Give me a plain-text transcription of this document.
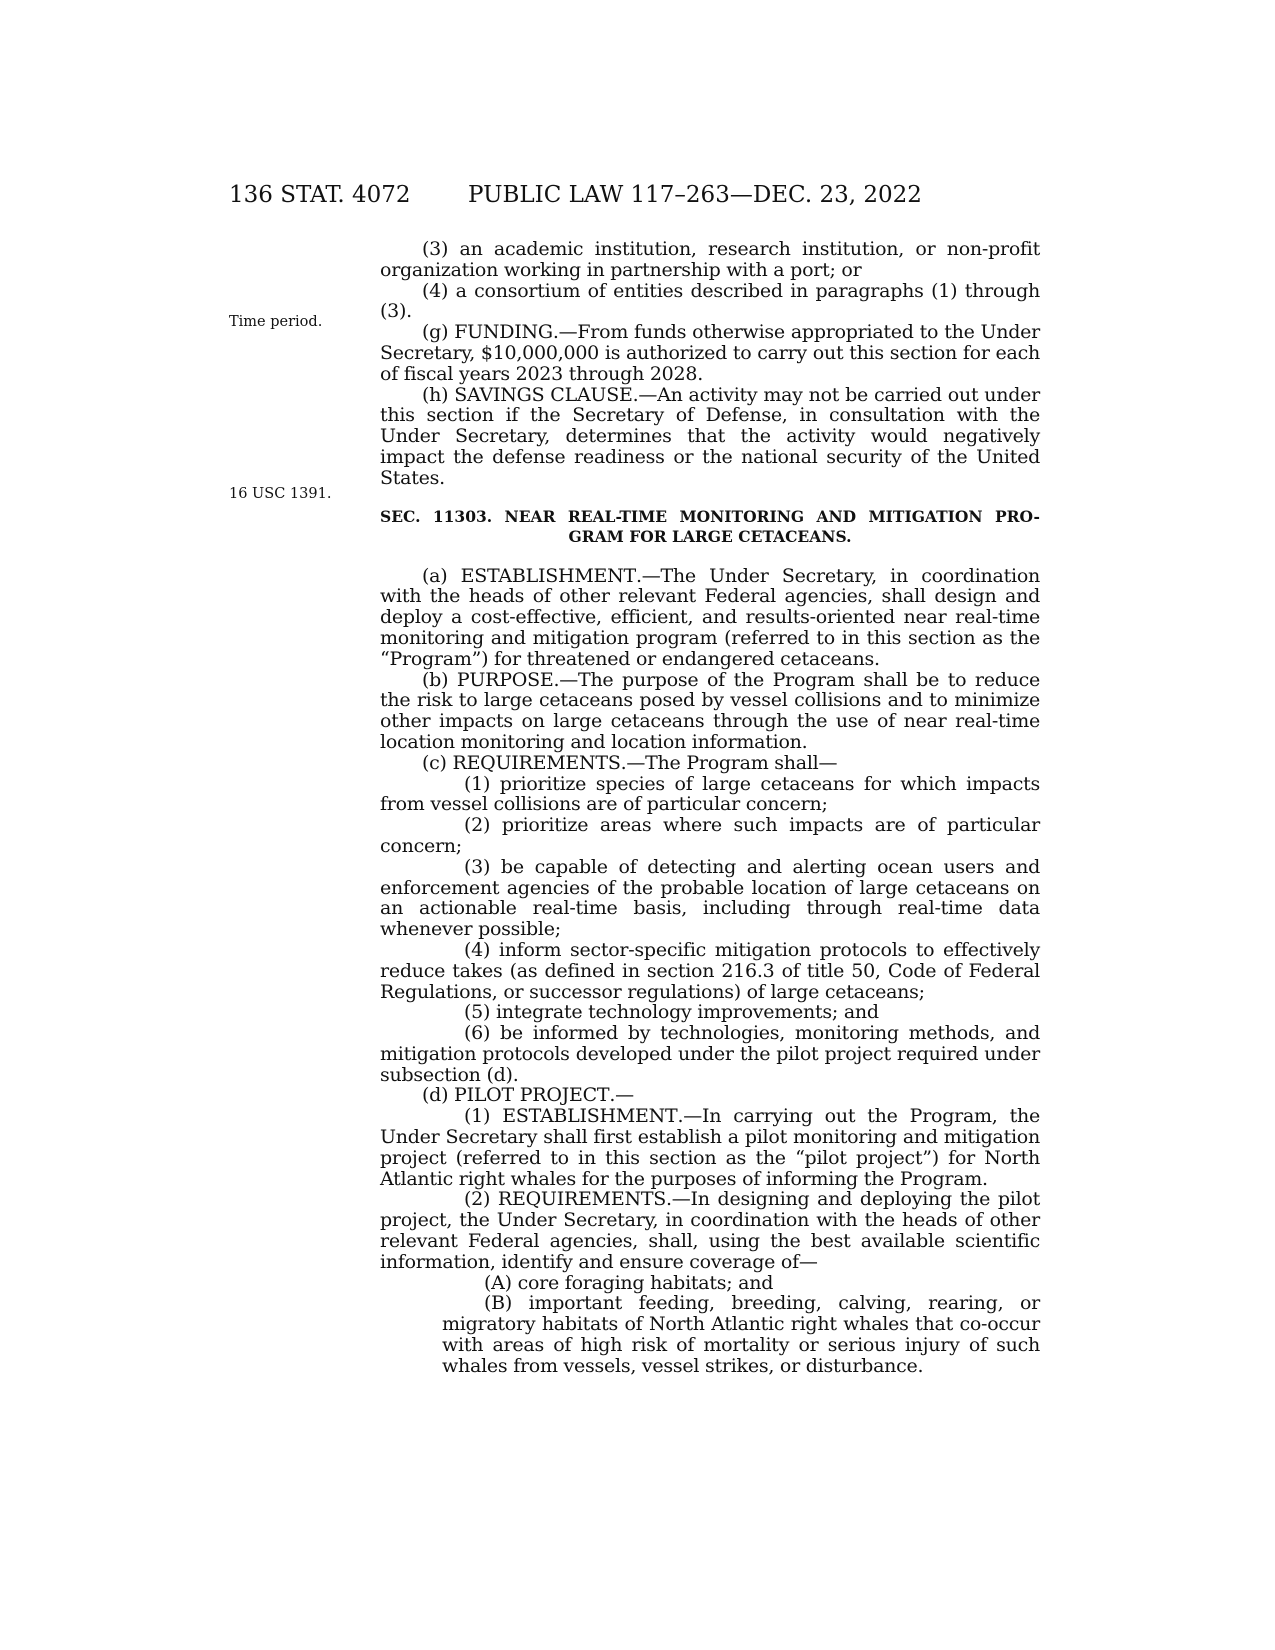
136 STAT. 4072 PUBLIC LAW 117–263—DEC. 23, 2022
Time period.
16 USC 1391.

(3) an academic institution, research institution, or non-profit organization working in partnership with a port; or

(4) a consortium of entities described in paragraphs (1) through (3).

(g) FUNDING.—From funds otherwise appropriated to the Under Secretary, $10,000,000 is authorized to carry out this section for each of fiscal years 2023 through 2028.

(h) SAVINGS CLAUSE.—An activity may not be carried out under this section if the Secretary of Defense, in consultation with the Under Secretary, determines that the activity would negatively impact the defense readiness or the national security of the United States.

SEC. 11303. NEAR REAL-TIME MONITORING AND MITIGATION PRO-
GRAM FOR LARGE CETACEANS.

(a) ESTABLISHMENT.—The Under Secretary, in coordination with the heads of other relevant Federal agencies, shall design and deploy a cost-effective, efficient, and results-oriented near real-time monitoring and mitigation program (referred to in this section as the “Program”) for threatened or endangered cetaceans.

(b) PURPOSE.—The purpose of the Program shall be to reduce the risk to large cetaceans posed by vessel collisions and to minimize other impacts on large cetaceans through the use of near real-time location monitoring and location information.

(c) REQUIREMENTS.—The Program shall—

(1) prioritize species of large cetaceans for which impacts from vessel collisions are of particular concern;

(2) prioritize areas where such impacts are of particular concern;

(3) be capable of detecting and alerting ocean users and enforcement agencies of the probable location of large cetaceans on an actionable real-time basis, including through real-time data whenever possible;

(4) inform sector-specific mitigation protocols to effectively reduce takes (as defined in section 216.3 of title 50, Code of Federal Regulations, or successor regulations) of large cetaceans;

(5) integrate technology improvements; and

(6) be informed by technologies, monitoring methods, and mitigation protocols developed under the pilot project required under subsection (d).

(d) PILOT PROJECT.—

(1) ESTABLISHMENT.—In carrying out the Program, the Under Secretary shall first establish a pilot monitoring and mitigation project (referred to in this section as the “pilot project”) for North Atlantic right whales for the purposes of informing the Program.

(2) REQUIREMENTS.—In designing and deploying the pilot project, the Under Secretary, in coordination with the heads of other relevant Federal agencies, shall, using the best available scientific information, identify and ensure coverage of—

(A) core foraging habitats; and

(B) important feeding, breeding, calving, rearing, or migratory habitats of North Atlantic right whales that co-occur with areas of high risk of mortality or serious injury of such whales from vessels, vessel strikes, or disturbance.
